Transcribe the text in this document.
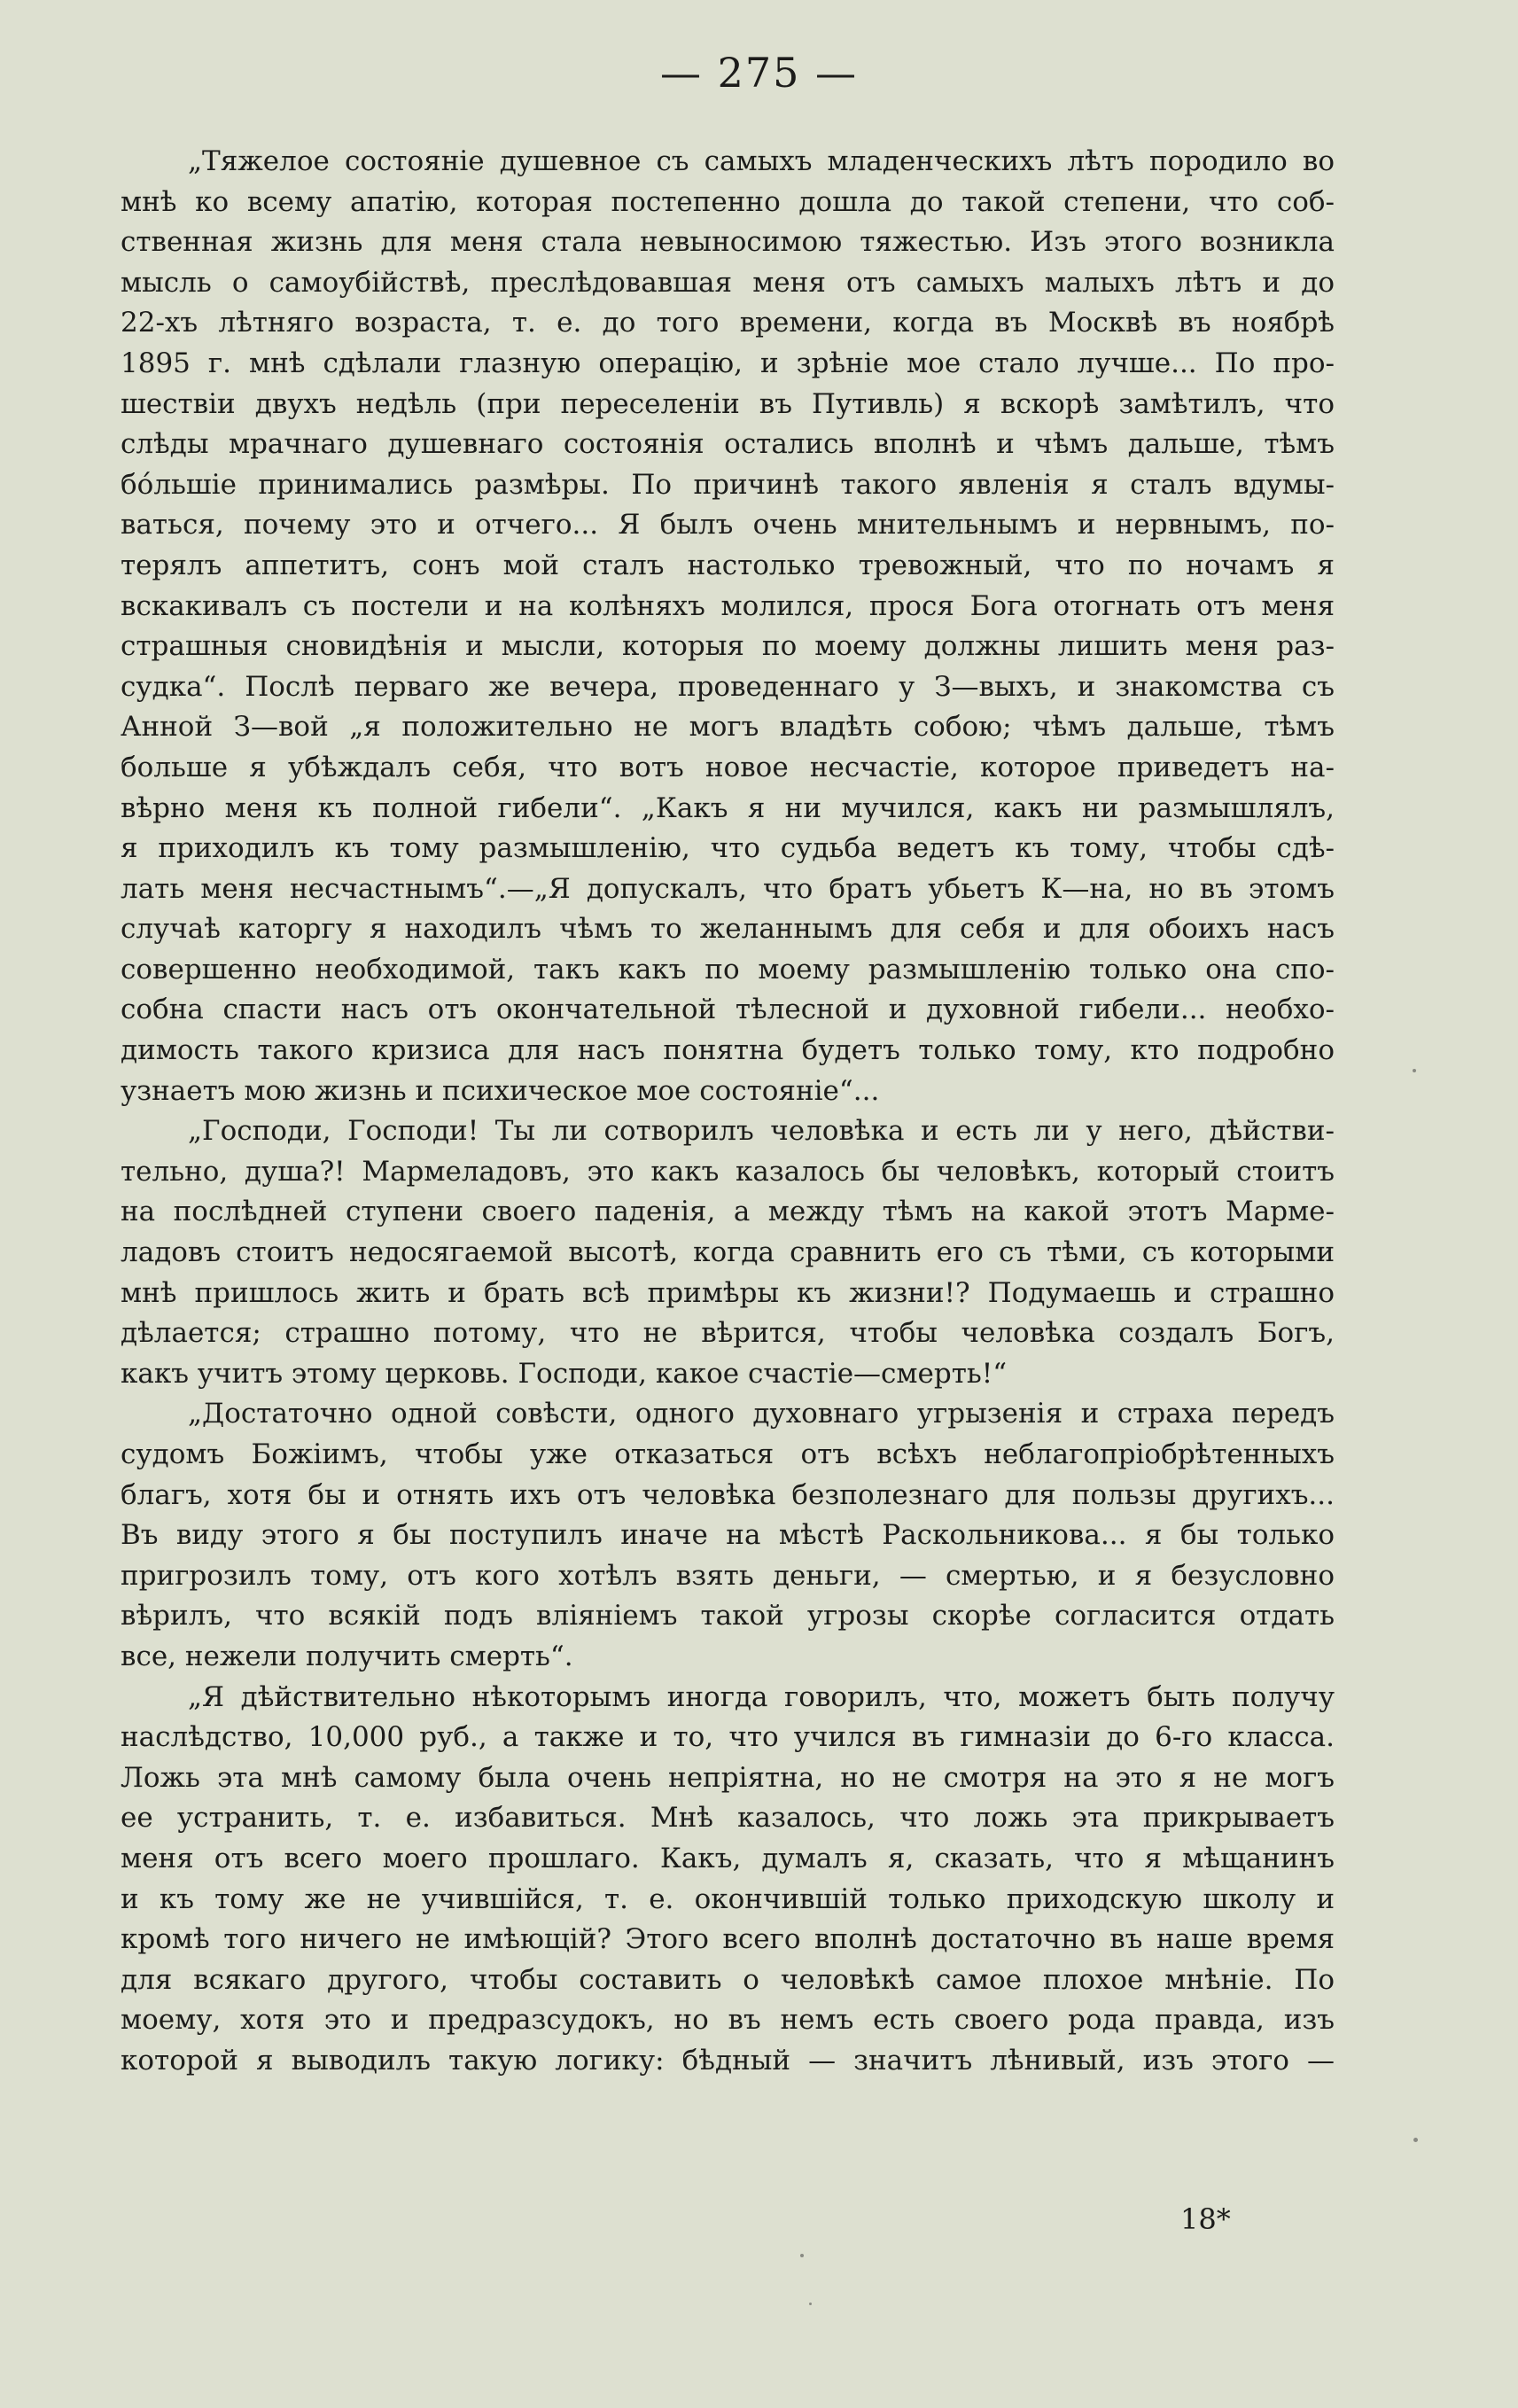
— 275 —
„Тяжелое состояніе душевное съ самыхъ младенческихъ лѣтъ породило во
мнѣ ко всему апатію, которая постепенно дошла до такой степени, что соб-
ственная жизнь для меня стала невыносимою тяжестью. Изъ этого возникла
мысль о самоубійствѣ, преслѣдовавшая меня отъ самыхъ малыхъ лѣтъ и до
22-хъ лѣтняго возраста, т. е. до того времени, когда въ Москвѣ въ ноябрѣ
1895 г. мнѣ сдѣлали глазную операцію, и зрѣніе мое стало лучше... По про-
шествіи двухъ недѣль (при переселеніи въ Путивль) я вскорѣ замѣтилъ, что
слѣды мрачнаго душевнаго состоянія остались вполнѣ и чѣмъ дальше, тѣмъ
бóльшіе принимались размѣры. По причинѣ такого явленія я сталъ вдумы-
ваться, почему это и отчего... Я былъ очень мнительнымъ и нервнымъ, по-
терялъ аппетитъ, сонъ мой сталъ настолько тревожный, что по ночамъ я
вскакивалъ съ постели и на колѣняхъ молился, прося Бога отогнать отъ меня
страшныя сновидѣнія и мысли, которыя по моему должны лишить меня раз-
судка“. Послѣ перваго же вечера, проведеннаго у З—выхъ, и знакомства съ
Анной З—вой „я положительно не могъ владѣть собою; чѣмъ дальше, тѣмъ
больше я убѣждалъ себя, что вотъ новое несчастіе, которое приведетъ на-
вѣрно меня къ полной гибели“. „Какъ я ни мучился, какъ ни размышлялъ,
я приходилъ къ тому размышленію, что судьба ведетъ къ тому, чтобы сдѣ-
лать меня несчастнымъ“.—„Я допускалъ, что братъ убьетъ К—на, но въ этомъ
случаѣ каторгу я находилъ чѣмъ то желаннымъ для себя и для обоихъ насъ
совершенно необходимой, такъ какъ по моему размышленію только она спо-
собна спасти насъ отъ окончательной тѣлесной и духовной гибели... необхо-
димость такого кризиса для насъ понятна будетъ только тому, кто подробно
узнаетъ мою жизнь и психическое мое состояніе“...
„Господи, Господи! Ты ли сотворилъ человѣка и есть ли у него, дѣйстви-
тельно, душа?! Мармеладовъ, это какъ казалось бы человѣкъ, который стоитъ
на послѣдней ступени своего паденія, а между тѣмъ на какой этотъ Марме-
ладовъ стоитъ недосягаемой высотѣ, когда сравнить его съ тѣми, съ которыми
мнѣ пришлось жить и брать всѣ примѣры къ жизни!? Подумаешь и страшно
дѣлается; страшно потому, что не вѣрится, чтобы человѣка создалъ Богъ,
какъ учитъ этому церковь. Господи, какое счастіе—смерть!“
„Достаточно одной совѣсти, одного духовнаго угрызенія и страха передъ
судомъ Божіимъ, чтобы уже отказаться отъ всѣхъ неблагопріобрѣтенныхъ
благъ, хотя бы и отнять ихъ отъ человѣка безполезнаго для пользы другихъ...
Въ виду этого я бы поступилъ иначе на мѣстѣ Раскольникова... я бы только
пригрозилъ тому, отъ кого хотѣлъ взять деньги, — смертью, и я безусловно
вѣрилъ, что всякій подъ вліяніемъ такой угрозы скорѣе согласится отдать
все, нежели получить смерть“.
„Я дѣйствительно нѣкоторымъ иногда говорилъ, что, можетъ быть получу
наслѣдство, 10,000 руб., а также и то, что учился въ гимназіи до 6-го класса.
Ложь эта мнѣ самому была очень непріятна, но не смотря на это я не могъ
ее устранить, т. е. избавиться. Мнѣ казалось, что ложь эта прикрываетъ
меня отъ всего моего прошлаго. Какъ, думалъ я, сказать, что я мѣщанинъ
и къ тому же не учившійся, т. е. окончившій только приходскую школу и
кромѣ того ничего не имѣющій? Этого всего вполнѣ достаточно въ наше время
для всякаго другого, чтобы составить о человѣкѣ самое плохое мнѣніе. По
моему, хотя это и предразсудокъ, но въ немъ есть своего рода правда, изъ
которой я выводилъ такую логику: бѣдный — значитъ лѣнивый, изъ этого —
18*
